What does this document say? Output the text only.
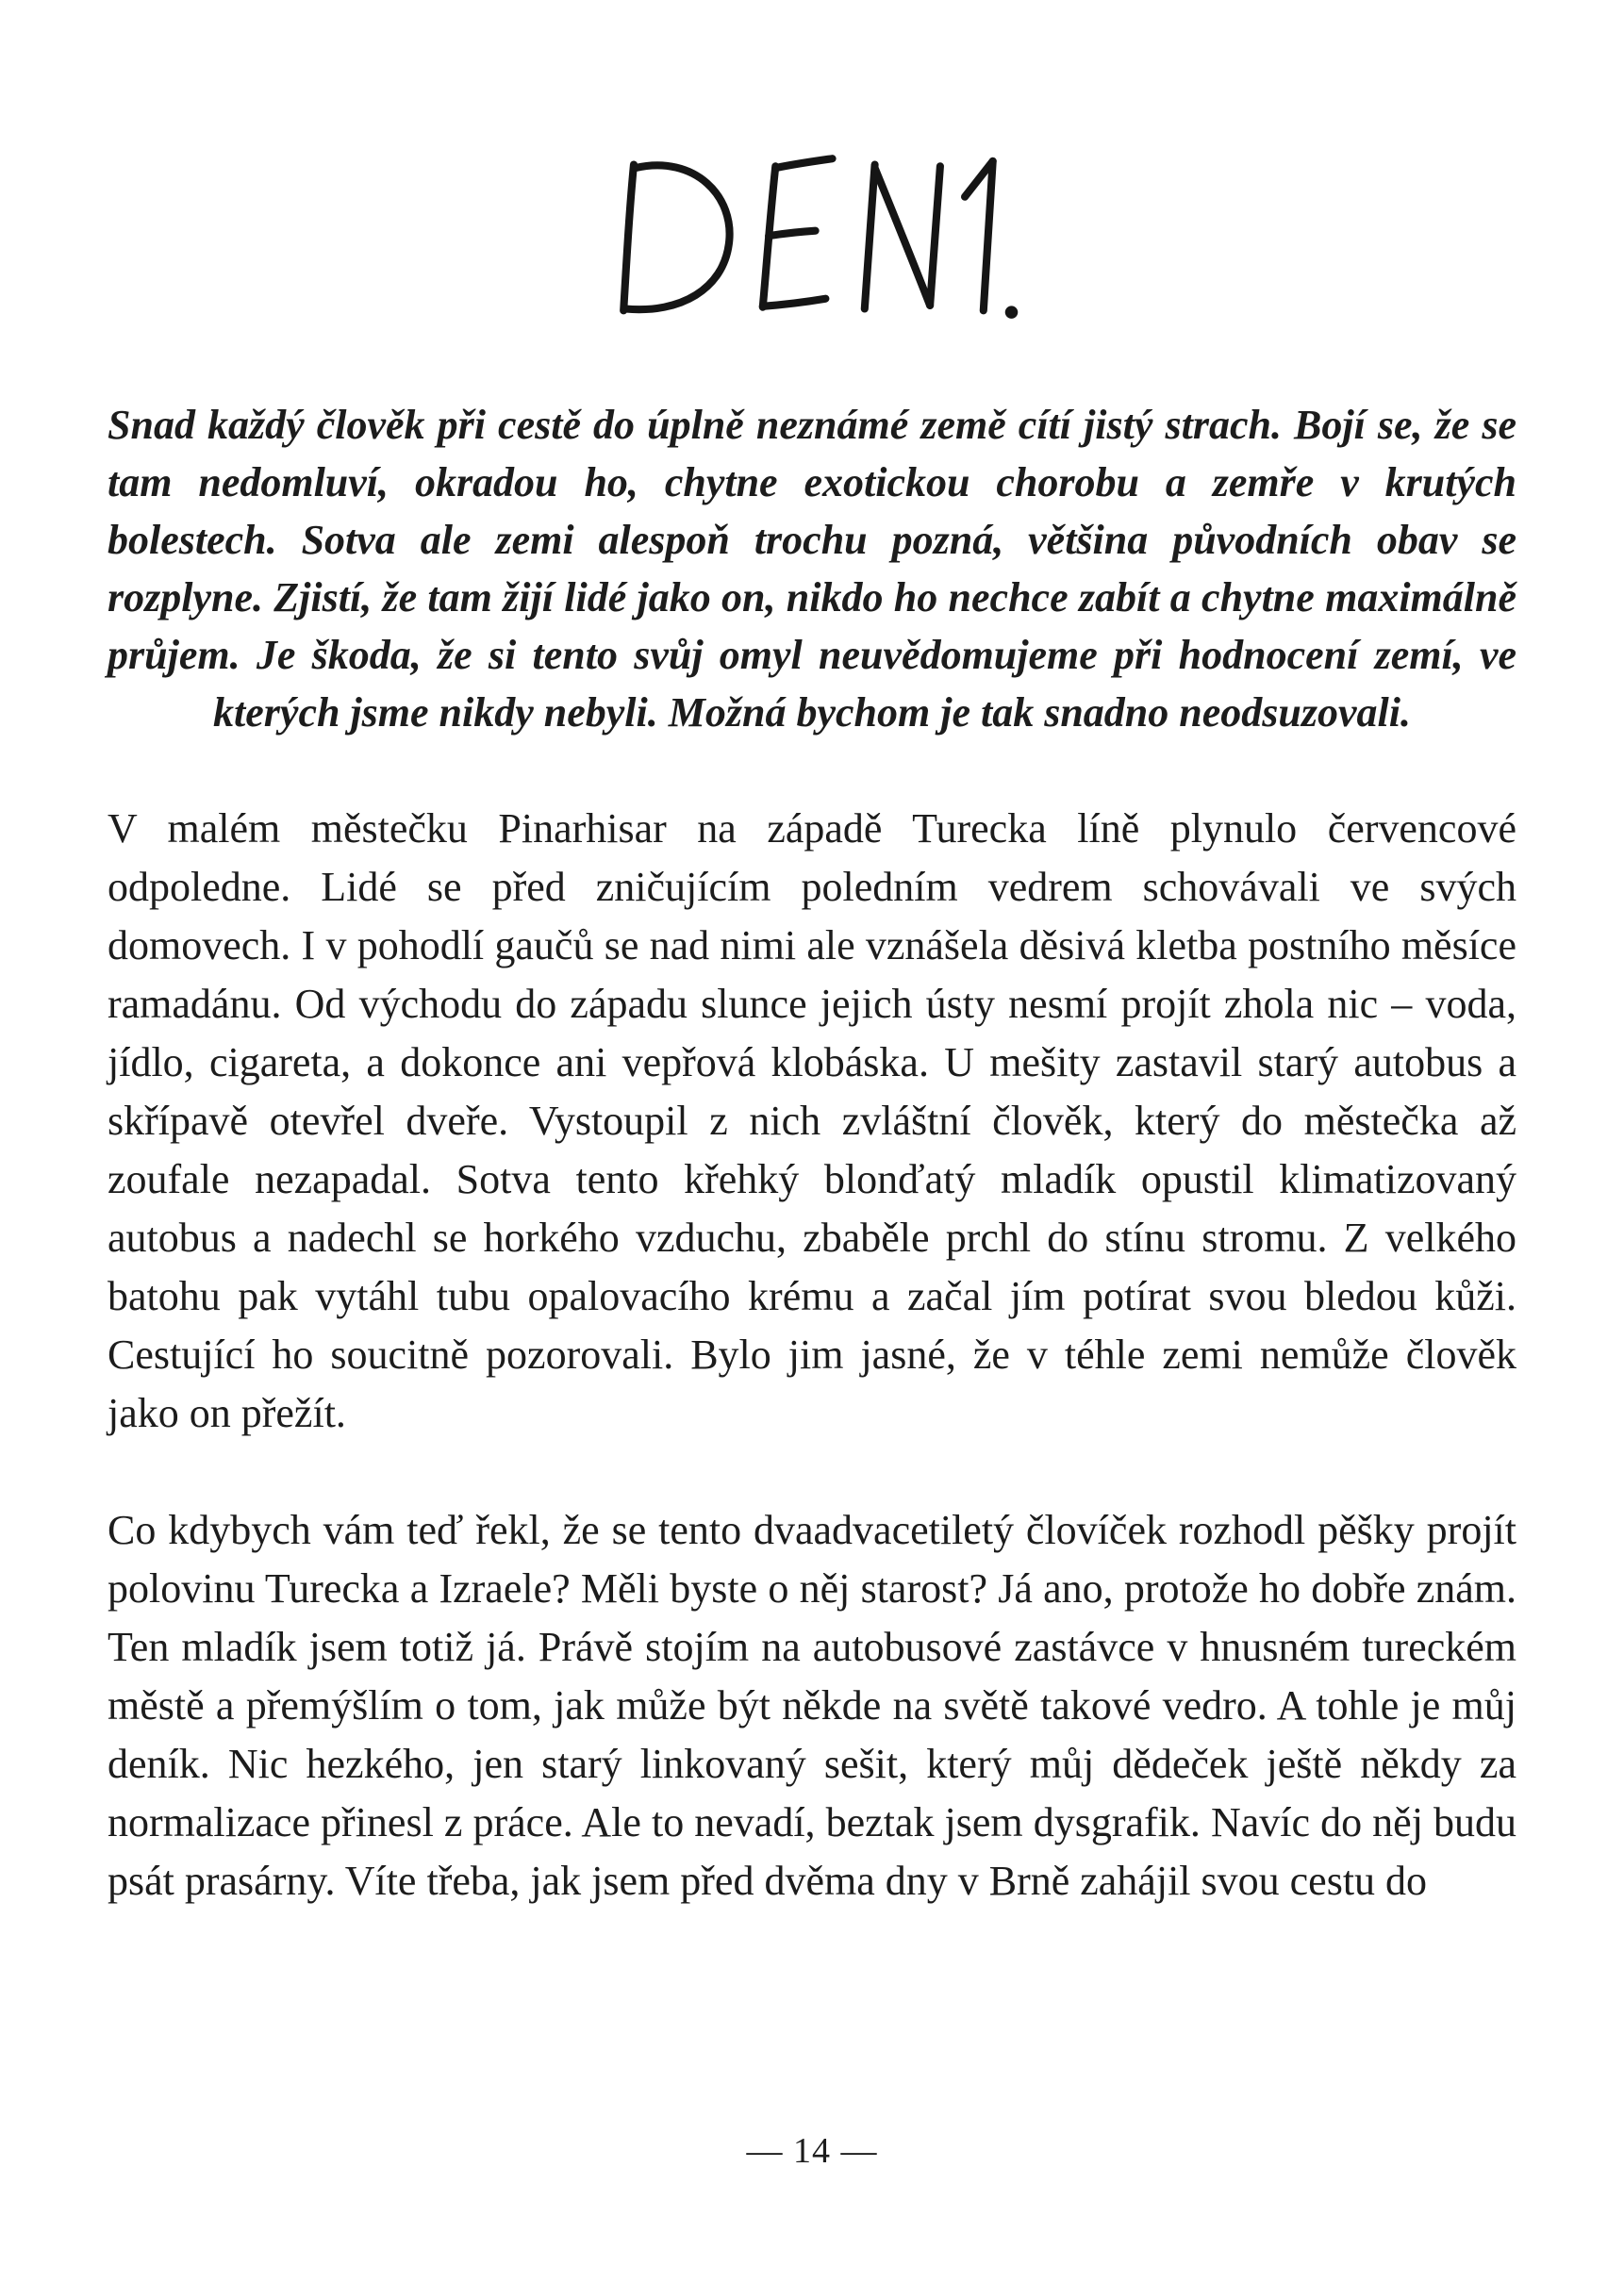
Snad každý člověk při cestě do úplně neznámé země cítí jistý strach. Bojí se, že se tam nedomluví, okradou ho, chytne exotickou chorobu a zemře v krutých bolestech. Sotva ale zemi alespoň trochu pozná, většina původních obav se rozplyne. Zjistí, že tam žijí lidé jako on, nikdo ho nechce zabít a chytne maximálně průjem. Je škoda, že si tento svůj omyl neuvědomujeme při hodnocení zemí, ve kterých jsme nikdy nebyli. Možná bychom je tak snadno neodsuzovali.

V malém městečku Pinarhisar na západě Turecka líně plynulo červencové odpoledne. Lidé se před zničujícím poledním vedrem schovávali ve svých domovech. I v pohodlí gaučů se nad nimi ale vznášela děsivá kletba postního měsíce ramadánu. Od východu do západu slunce jejich ústy nesmí projít zhola nic – voda, jídlo, cigareta, a dokonce ani vepřová klobáska. U mešity zastavil starý autobus a skřípavě otevřel dveře. Vystoupil z nich zvláštní člověk, který do městečka až zoufale nezapadal. Sotva tento křehký blonďatý mladík opustil klimatizovaný autobus a nadechl se horkého vzduchu, zbaběle prchl do stínu stromu. Z velkého batohu pak vytáhl tubu opalovacího krému a začal jím potírat svou bledou kůži. Cestující ho soucitně pozorovali. Bylo jim jasné, že v téhle zemi nemůže člověk jako on přežít.

Co kdybych vám teď řekl, že se tento dvaadvacetiletý človíček rozhodl pěšky projít polovinu Turecka a Izraele? Měli byste o něj starost? Já ano, protože ho dobře znám. Ten mladík jsem totiž já. Právě stojím na autobusové zastávce v hnusném tureckém městě a přemýšlím o tom, jak může být někde na světě takové vedro. A tohle je můj deník. Nic hezkého, jen starý linkovaný sešit, který můj dědeček ještě někdy za normalizace přinesl z práce. Ale to nevadí, beztak jsem dysgrafik. Navíc do něj budu psát prasárny. Víte třeba, jak jsem před dvěma dny v Brně zahájil svou cestu do

— 14 —
